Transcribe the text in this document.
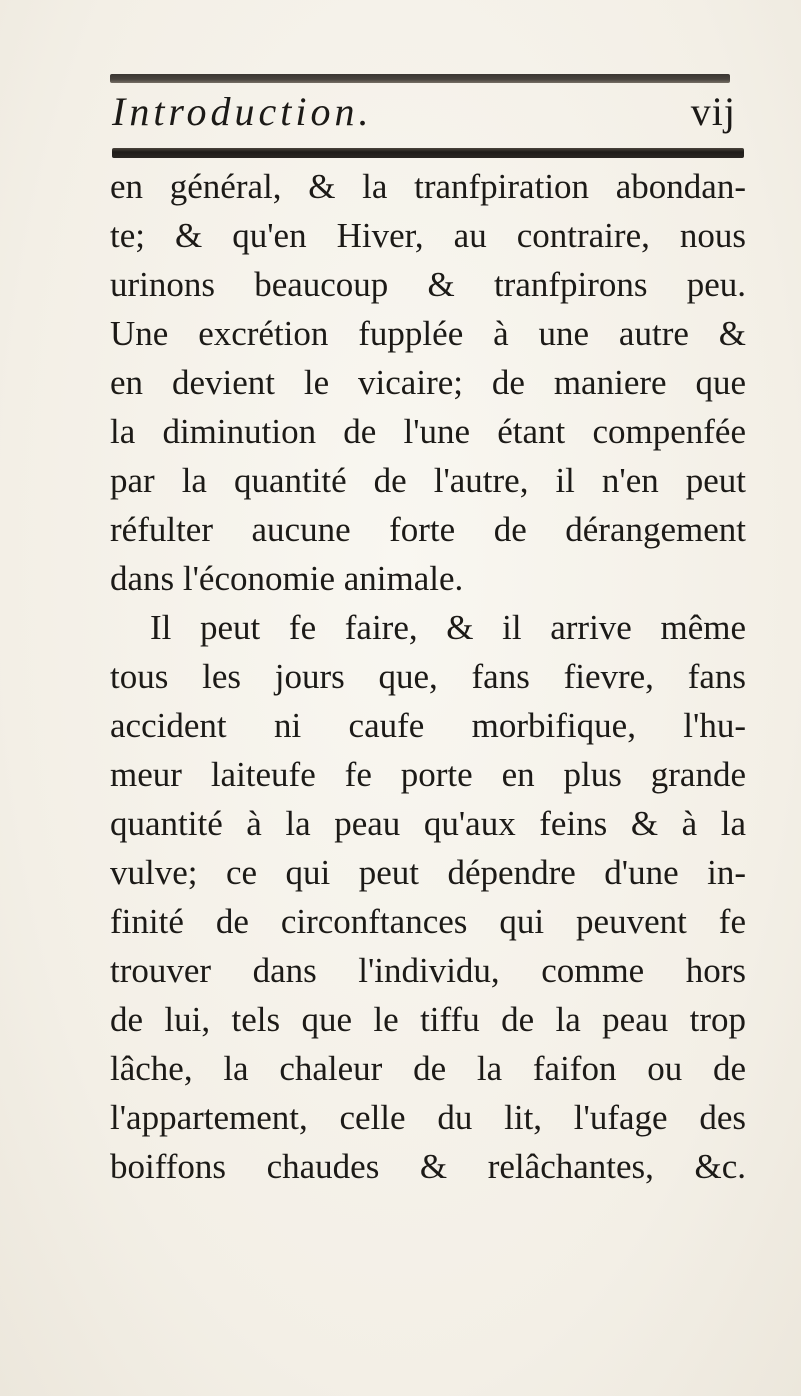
Introduction.	vij
en général, & la tranfpiration abondan-
te; & qu'en Hiver, au contraire, nous
urinons beaucoup & tranfpirons peu.
Une excrétion fupplée à une autre &
en devient le vicaire; de maniere que
la diminution de l'une étant compenfée
par la quantité de l'autre, il n'en peut
réfulter aucune forte de dérangement
dans l'économie animale.
Il peut fe faire, & il arrive même
tous les jours que, fans fievre, fans
accident ni caufe morbifique, l'hu-
meur laiteufe fe porte en plus grande
quantité à la peau qu'aux feins & à la
vulve; ce qui peut dépendre d'une in-
finité de circonftances qui peuvent fe
trouver dans l'individu, comme hors
de lui, tels que le tiffu de la peau trop
lâche, la chaleur de la faifon ou de
l'appartement, celle du lit, l'ufage des
boiffons chaudes & relâchantes, &c.
